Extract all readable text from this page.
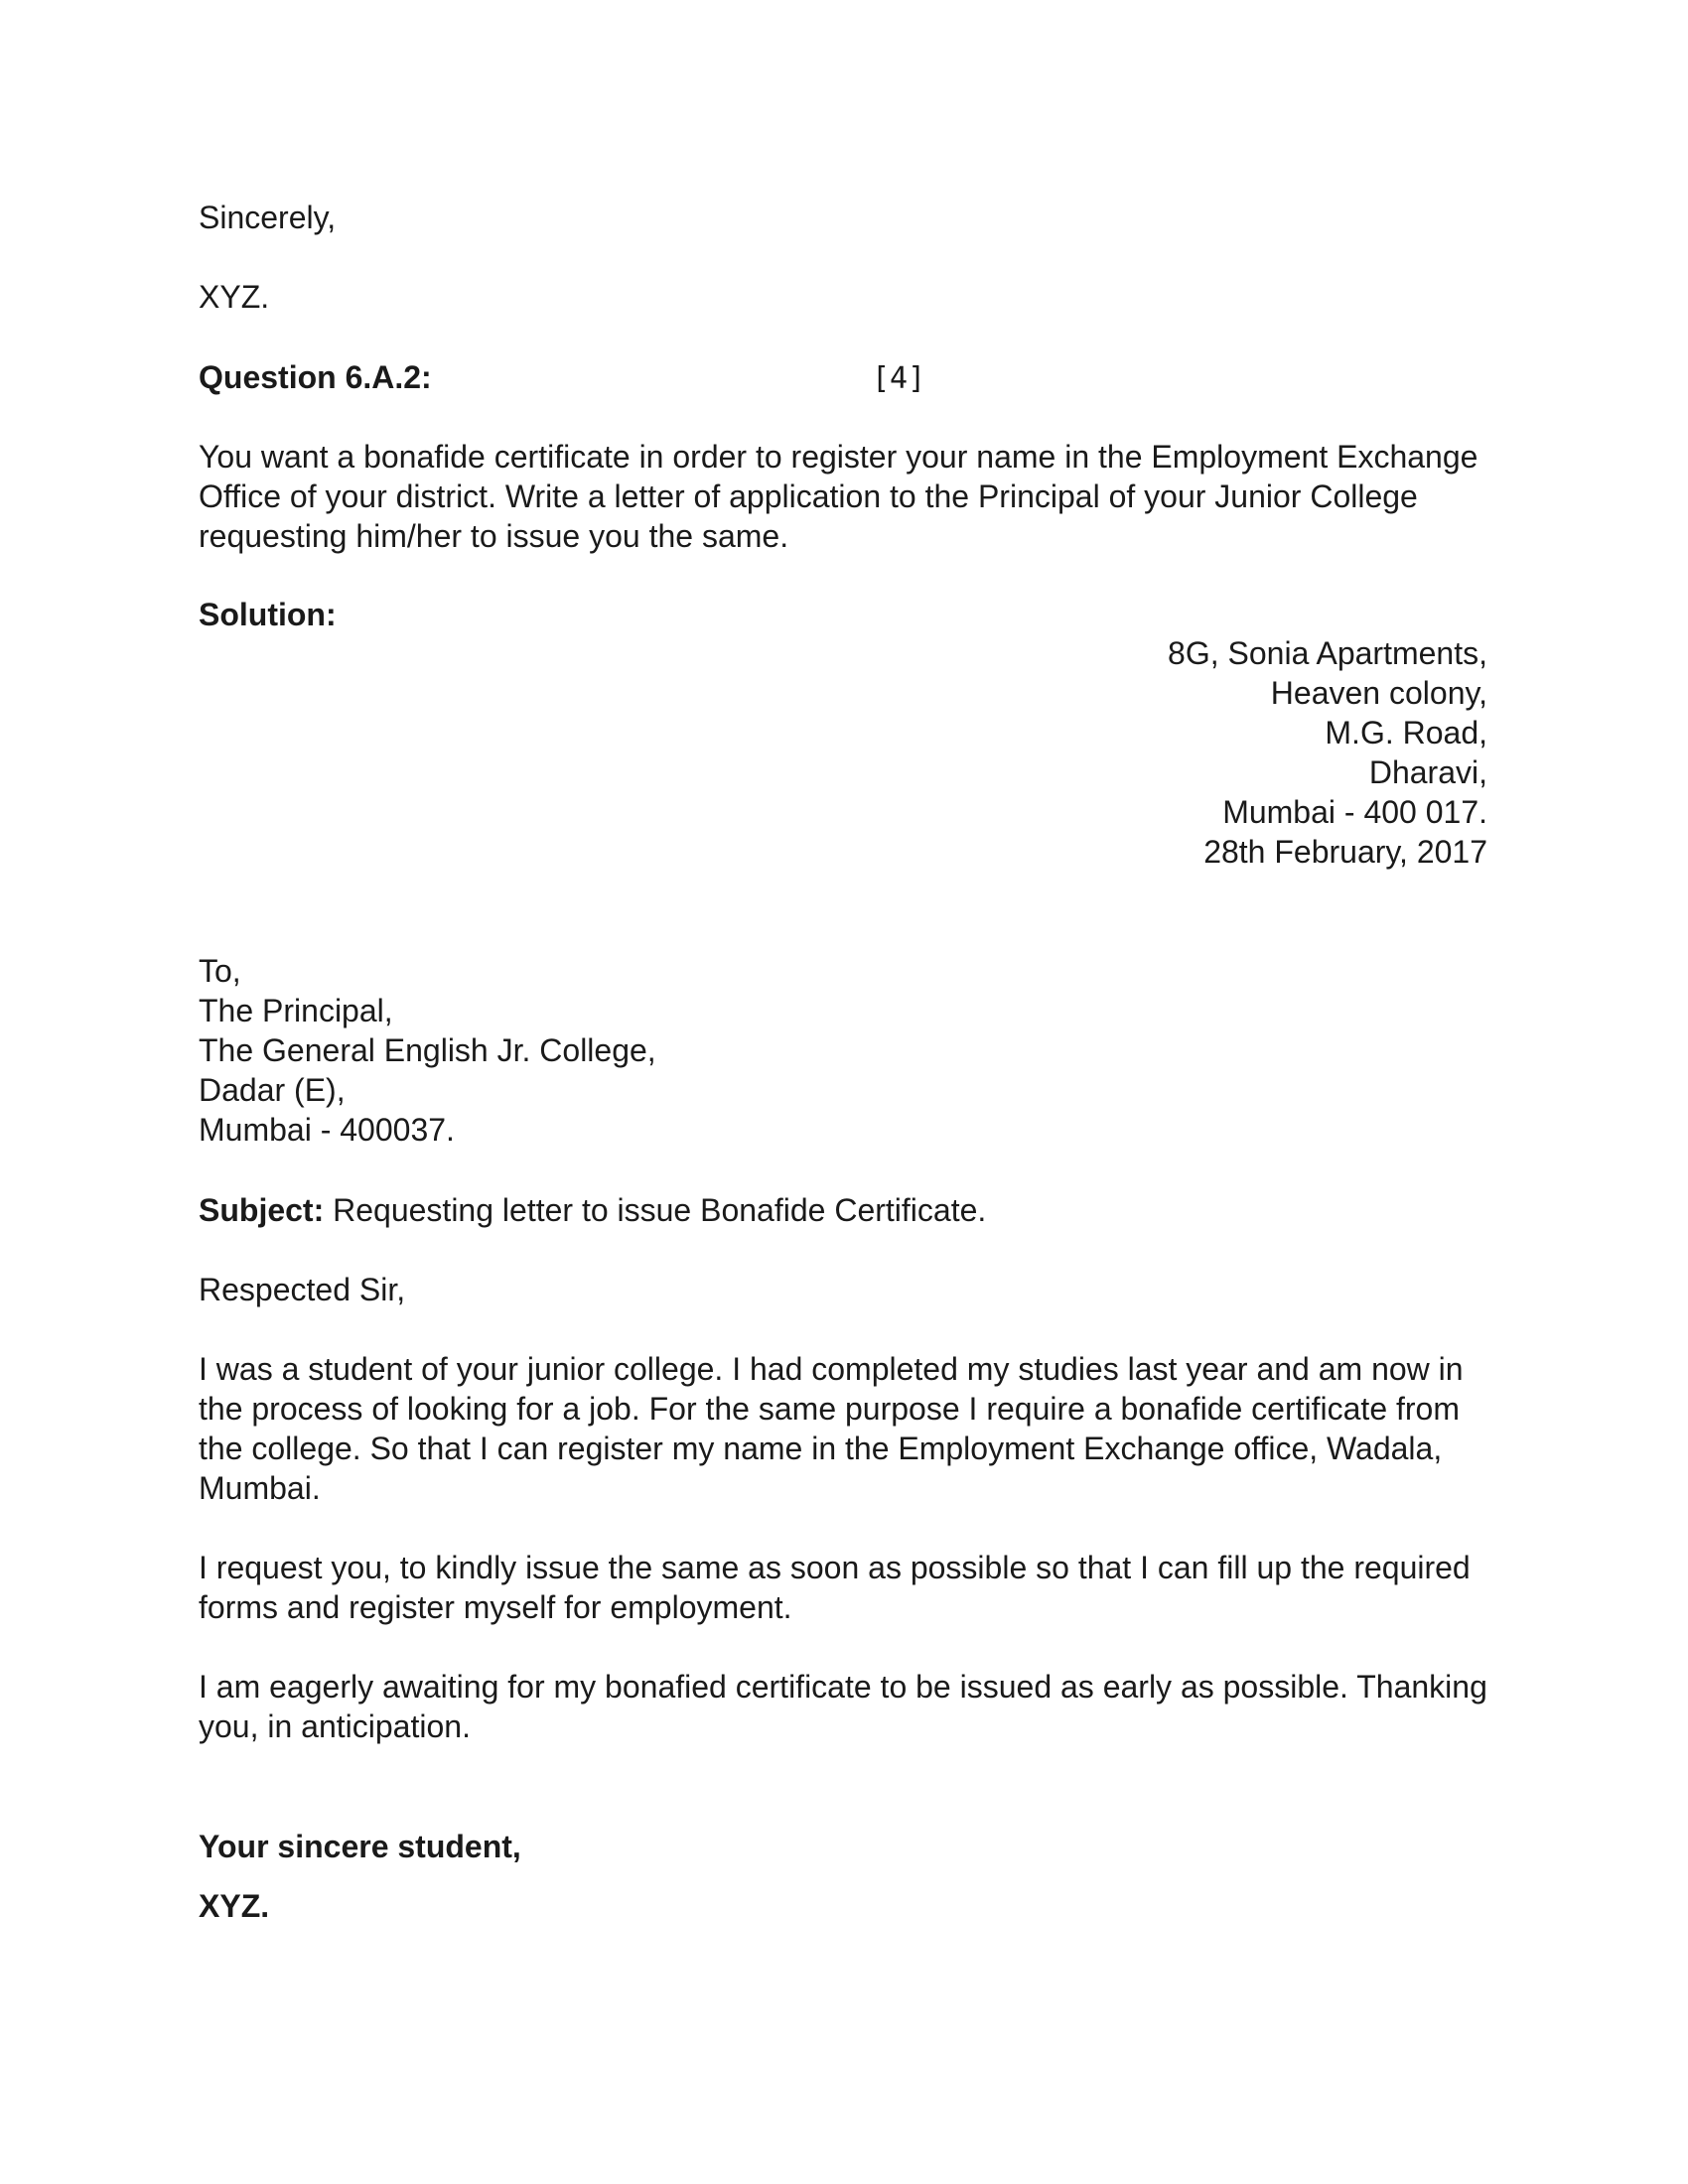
Sincerely,

XYZ.

Question 6.A.2:	[4]

You want a bonafide certificate in order to register your name in the Employment Exchange Office of your district. Write a letter of application to the Principal of your Junior College requesting him/her to issue you the same.

Solution:

8G, Sonia Apartments,
Heaven colony,
M.G. Road,
Dharavi,
Mumbai - 400 017.
28th February, 2017
To,
The Principal,
The General English Jr. College,
Dadar (E),
Mumbai - 400037.

Subject: Requesting letter to issue Bonafide Certificate.

Respected Sir,

I was a student of your junior college. I had completed my studies last year and am now in the process of looking for a job. For the same purpose I require a bonafide certificate from the college. So that I can register my name in the Employment Exchange office, Wadala, Mumbai.

I request you, to kindly issue the same as soon as possible so that I can fill up the required forms and register myself for employment.

I am eagerly awaiting for my bonafied certificate to be issued as early as possible. Thanking you, in anticipation.

Your sincere student,

XYZ.
